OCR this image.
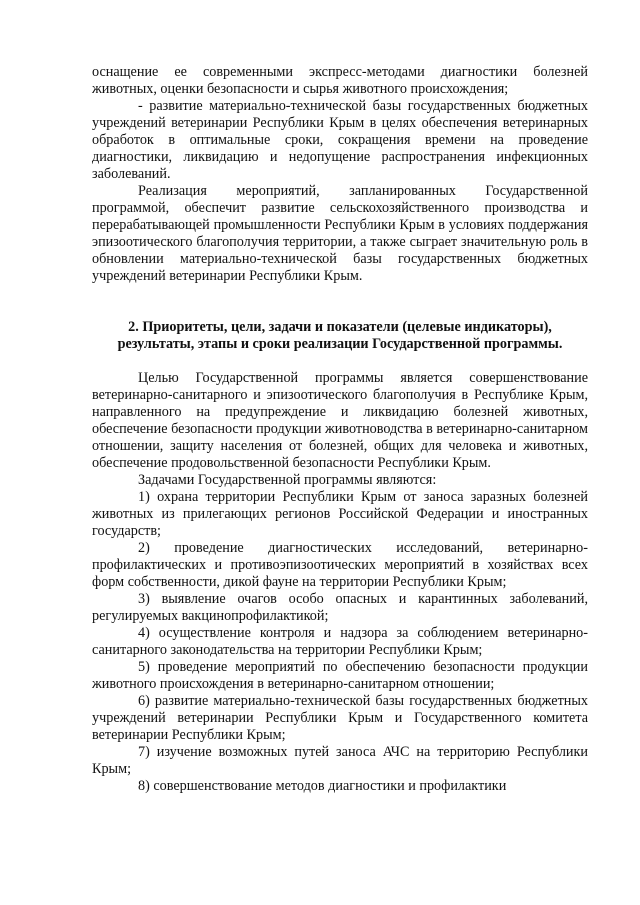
оснащение ее современными экспресс-методами диагностики болезней животных, оценки безопасности и сырья животного происхождения;

- развитие материально-технической базы государственных бюджетных учреждений ветеринарии Республики Крым в целях обеспечения ветеринарных обработок в оптимальные сроки, сокращения времени на проведение диагностики, ликвидацию и недопущение распространения инфекционных заболеваний.

Реализация мероприятий, запланированных Государственной программой, обеспечит развитие сельскохозяйственного производства и перерабатывающей промышленности Республики Крым в условиях поддержания эпизоотического благополучия территории, а также сыграет значительную роль в обновлении материально-технической базы государственных бюджетных учреждений ветеринарии Республики Крым.

2. Приоритеты, цели, задачи и показатели (целевые индикаторы), результаты, этапы и сроки реализации Государственной программы.

Целью Государственной программы является совершенствование ветеринарно-санитарного и эпизоотического благополучия в Республике Крым, направленного на предупреждение и ликвидацию болезней животных, обеспечение безопасности продукции животноводства в ветеринарно-санитарном отношении, защиту населения от болезней, общих для человека и животных, обеспечение продовольственной безопасности Республики Крым.

Задачами Государственной программы являются:

1) охрана территории Республики Крым от заноса заразных болезней животных из прилегающих регионов Российской Федерации и иностранных государств;

2) проведение диагностических исследований, ветеринарно-профилактических и противоэпизоотических мероприятий в хозяйствах всех форм собственности, дикой фауне на территории Республики Крым;

3) выявление очагов особо опасных и карантинных заболеваний, регулируемых вакцинопрофилактикой;

4) осуществление контроля и надзора за соблюдением ветеринарно-санитарного законодательства на территории Республики Крым;

5) проведение мероприятий по обеспечению безопасности продукции животного происхождения в ветеринарно-санитарном отношении;

6) развитие материально-технической базы государственных бюджетных учреждений ветеринарии Республики Крым и Государственного комитета ветеринарии Республики Крым;

7) изучение возможных путей заноса АЧС на территорию Республики Крым;

8) совершенствование методов диагностики и профилактики
